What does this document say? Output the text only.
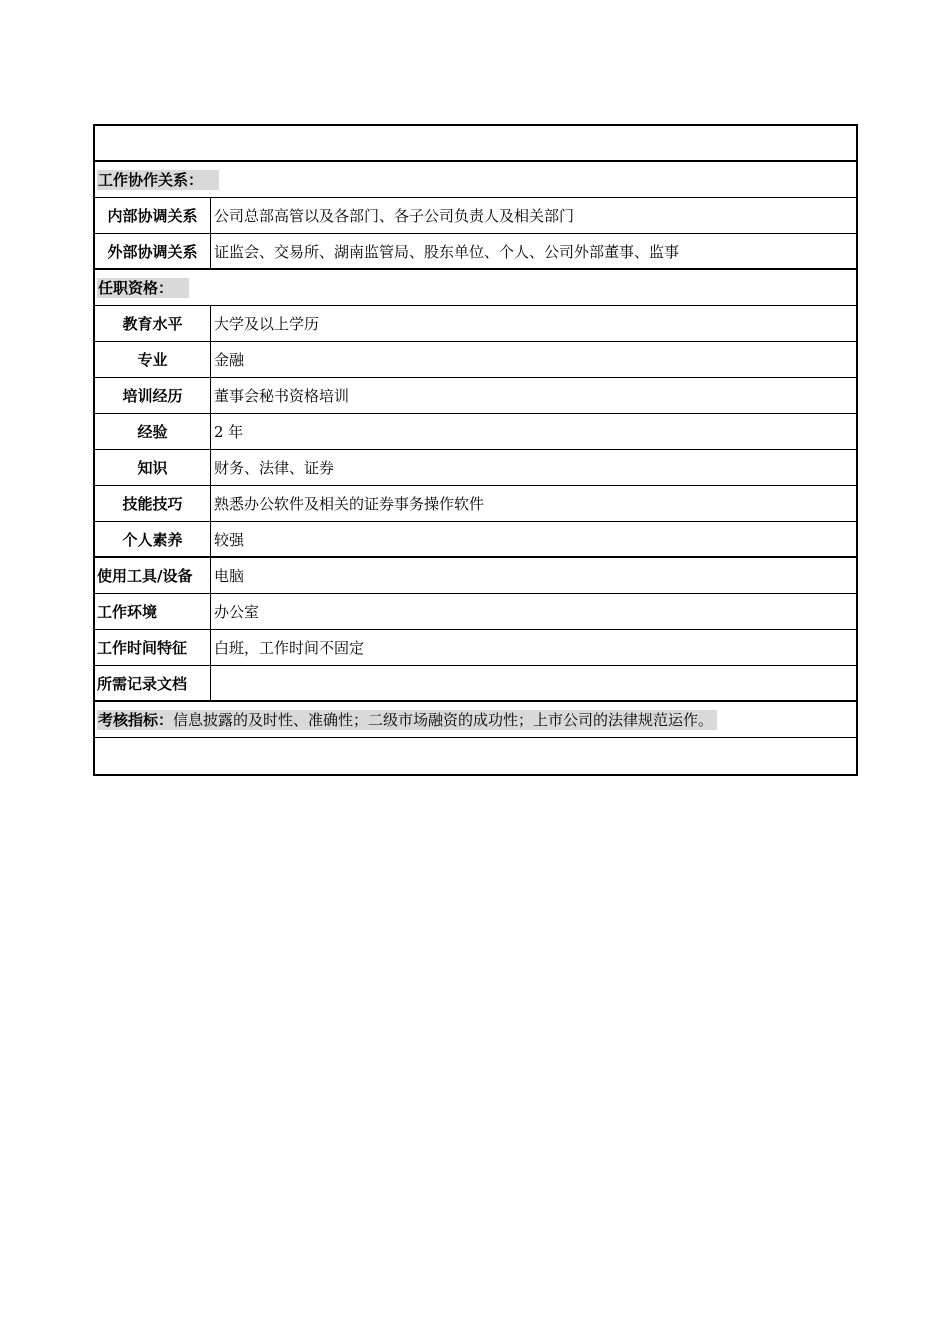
工作协作关系：
内部协调关系	公司总部高管以及各部门、各子公司负责人及相关部门
外部协调关系	证监会、交易所、湖南监管局、股东单位、个人、公司外部董事、监事
任职资格：
教育水平	大学及以上学历
专业	金融
培训经历	董事会秘书资格培训
经验	2 年
知识	财务、法律、证券
技能技巧	熟悉办公软件及相关的证券事务操作软件
个人素养	较强
使用工具/设备	电脑
工作环境	办公室
工作时间特征	白班，工作时间不固定
所需记录文档
考核指标：信息披露的及时性、准确性；二级市场融资的成功性；上市公司的法律规范运作。
